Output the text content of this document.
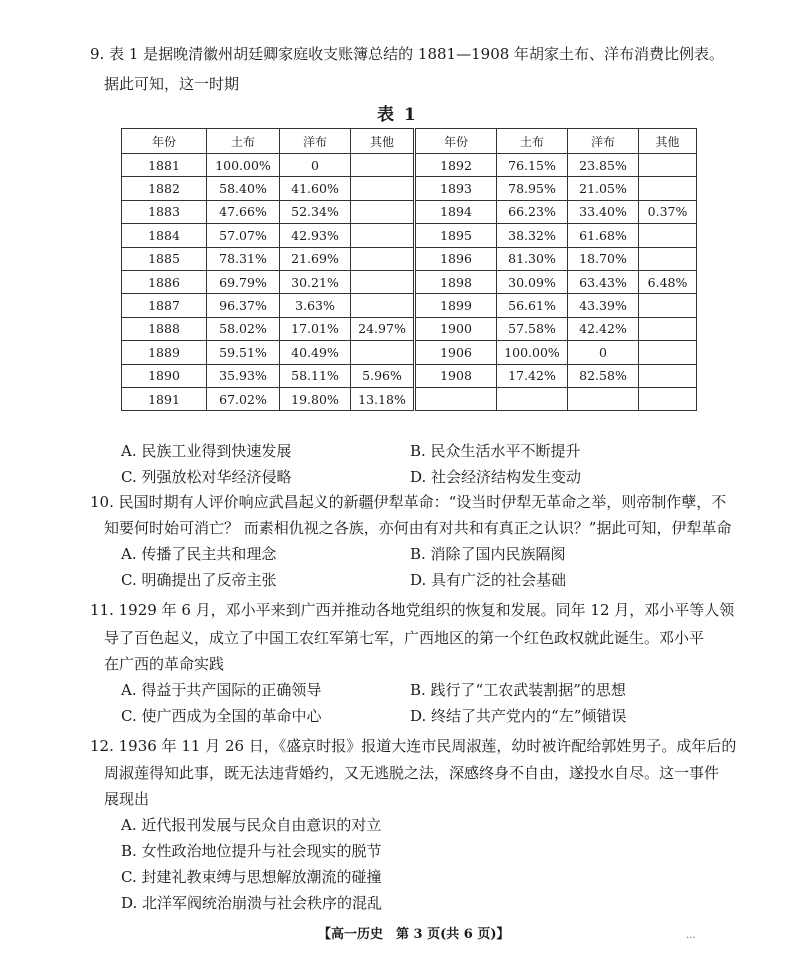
9. 表 1 是据晚清徽州胡廷卿家庭收支账簿总结的 1881—1908 年胡家土布、洋布消费比例表。
据此可知，这一时期
表 1
年份	土布	洋布	其他	年份	土布	洋布	其他
1881	100.00%	0		1892	76.15%	23.85%	
1882	58.40%	41.60%		1893	78.95%	21.05%	
1883	47.66%	52.34%		1894	66.23%	33.40%	0.37%
1884	57.07%	42.93%		1895	38.32%	61.68%	
1885	78.31%	21.69%		1896	81.30%	18.70%	
1886	69.79%	30.21%		1898	30.09%	63.43%	6.48%
1887	96.37%	3.63%		1899	56.61%	43.39%	
1888	58.02%	17.01%	24.97%	1900	57.58%	42.42%	
1889	59.51%	40.49%		1906	100.00%	0	
1890	35.93%	58.11%	5.96%	1908	17.42%	82.58%	
1891	67.02%	19.80%	13.18%				
A. 民族工业得到快速发展	B. 民众生活水平不断提升
C. 列强放松对华经济侵略	D. 社会经济结构发生变动
10. 民国时期有人评价响应武昌起义的新疆伊犁革命：“设当时伊犁无革命之举，则帝制作孽，不
知要何时始可消亡？ 而素相仇视之各族，亦何由有对共和有真正之认识？”据此可知，伊犁革命
A. 传播了民主共和理念	B. 消除了国内民族隔阂
C. 明确提出了反帝主张	D. 具有广泛的社会基础
11. 1929 年 6 月，邓小平来到广西并推动各地党组织的恢复和发展。同年 12 月，邓小平等人领
导了百色起义，成立了中国工农红军第七军，广西地区的第一个红色政权就此诞生。邓小平
在广西的革命实践
A. 得益于共产国际的正确领导	B. 践行了“工农武装割据”的思想
C. 使广西成为全国的革命中心	D. 终结了共产党内的“左”倾错误
12. 1936 年 11 月 26 日，《盛京时报》报道大连市民周淑莲，幼时被许配给郭姓男子。成年后的
周淑莲得知此事，既无法违背婚约，又无逃脱之法，深感终身不自由，遂投水自尽。这一事件
展现出
A. 近代报刊发展与民众自由意识的对立
B. 女性政治地位提升与社会现实的脱节
C. 封建礼教束缚与思想解放潮流的碰撞
D. 北洋军阀统治崩溃与社会秩序的混乱
【高一历史　第 3 页(共 6 页)】	...
